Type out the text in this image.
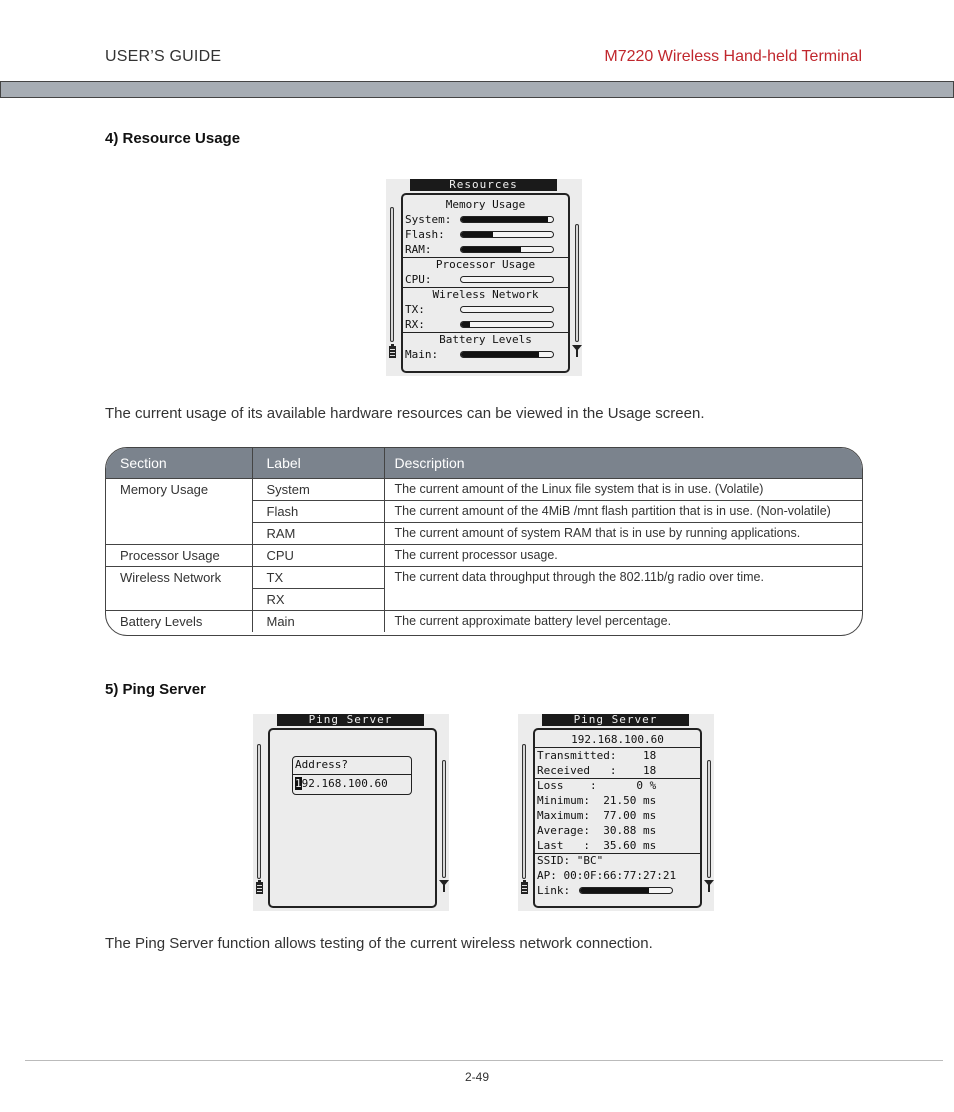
USER’S GUIDE	M7220 Wireless Hand-held Terminal
4) Resource Usage
Resources
Memory Usage
System:
Flash:
RAM:
Processor Usage
CPU:
Wireless Network
TX:
RX:
Battery Levels
Main:
The current usage of its available hardware resources can be viewed in the Usage screen.
Section	Label	Description
Memory Usage	System	The current amount of the Linux file system that is in use. (Volatile)
	Flash	The current amount of the 4MiB /mnt flash partition that is in use. (Non-volatile)
	RAM	The current amount of system RAM that is in use by running applications.
Processor Usage	CPU	The current processor usage.
Wireless Network	TX	The current data throughput through the 802.11b/g radio over time.
	RX	
Battery Levels	Main	The current approximate battery level percentage.
5) Ping Server
Ping Server
Address?
192.168.100.60
Ping Server
192.168.100.60
Transmitted:    18
Received   :    18
Loss    :      0 %
Minimum:  21.50 ms
Maximum:  77.00 ms
Average:  30.88 ms
Last   :  35.60 ms
SSID: "BC"
AP: 00:0F:66:77:27:21
Link:
The Ping Server function allows testing of the current wireless network connection.
2-49
